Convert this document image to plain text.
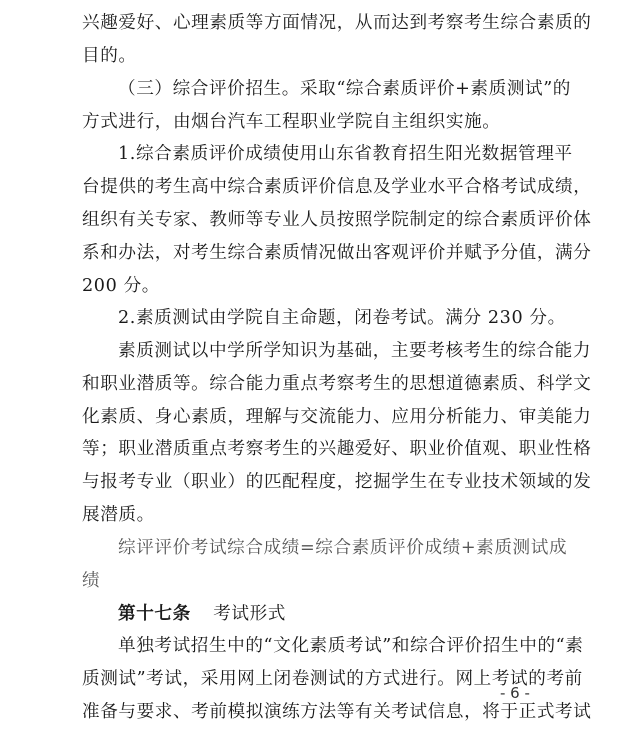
兴趣爱好、心理素质等方面情况，从而达到考察考生综合素质的
目的。
（三）综合评价招生。采取“综合素质评价+素质测试”的
方式进行，由烟台汽车工程职业学院自主组织实施。
1.综合素质评价成绩使用山东省教育招生阳光数据管理平
台提供的考生高中综合素质评价信息及学业水平合格考试成绩，
组织有关专家、教师等专业人员按照学院制定的综合素质评价体
系和办法，对考生综合素质情况做出客观评价并赋予分值，满分
200 分。
2.素质测试由学院自主命题，闭卷考试。满分 230 分。
素质测试以中学所学知识为基础，主要考核考生的综合能力
和职业潜质等。综合能力重点考察考生的思想道德素质、科学文
化素质、身心素质，理解与交流能力、应用分析能力、审美能力
等；职业潜质重点考察考生的兴趣爱好、职业价值观、职业性格
与报考专业（职业）的匹配程度，挖掘学生在专业技术领域的发
展潜质。
综评评价考试综合成绩=综合素质评价成绩+素质测试成
绩
第十七条 考试形式
单独考试招生中的“文化素质考试”和综合评价招生中的“素
质测试”考试，采用网上闭卷测试的方式进行。网上考试的考前
准备与要求、考前模拟演练方法等有关考试信息，将于正式考试
- 6 -
